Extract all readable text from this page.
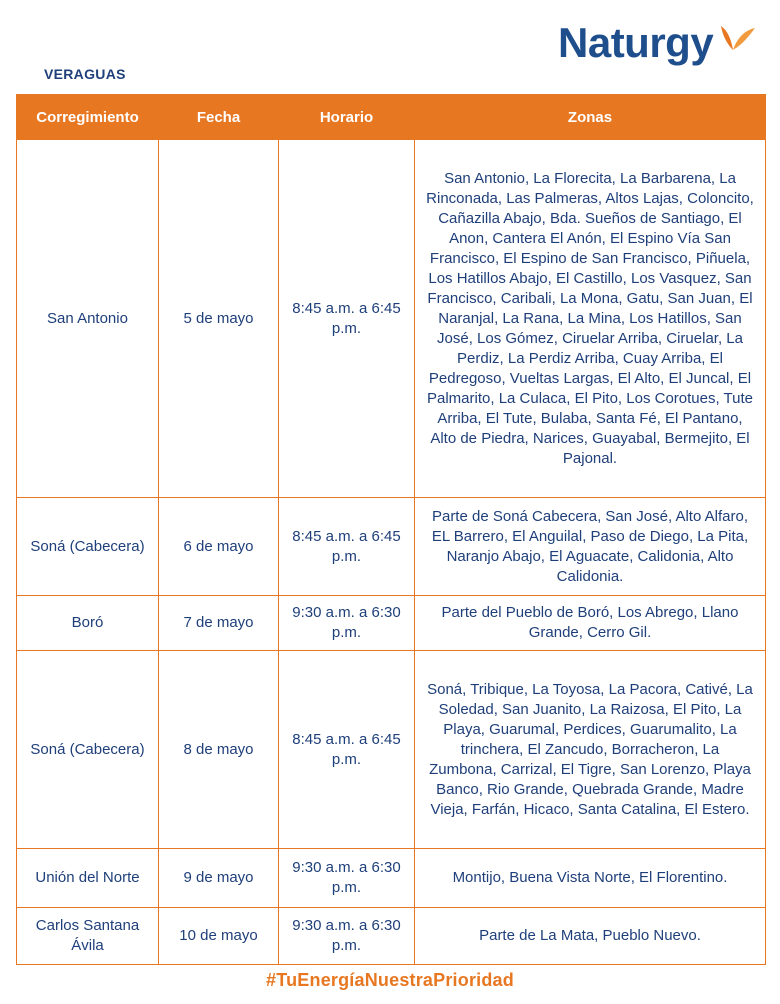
VERAGUAS
Naturgy
Corregimiento	Fecha	Horario	Zonas
San Antonio	5 de mayo	8:45 a.m. a 6:45 p.m.	San Antonio, La Florecita, La Barbarena, La Rinconada, Las Palmeras, Altos Lajas, Coloncito, Cañazilla Abajo, Bda. Sueños de Santiago, El Anon, Cantera El Anón, El Espino Vía San Francisco, El Espino de San Francisco, Piñuela, Los Hatillos Abajo, El Castillo, Los Vasquez, San Francisco, Caribali, La Mona, Gatu, San Juan, El Naranjal, La Rana, La Mina, Los Hatillos, San José, Los Gómez, Ciruelar Arriba, Ciruelar, La Perdiz, La Perdiz Arriba, Cuay Arriba, El Pedregoso, Vueltas Largas, El Alto, El Juncal, El Palmarito, La Culaca, El Pito, Los Corotues, Tute Arriba, El Tute, Bulaba, Santa Fé, El Pantano, Alto de Piedra, Narices, Guayabal, Bermejito, El Pajonal.
Soná (Cabecera)	6 de mayo	8:45 a.m. a 6:45 p.m.	Parte de Soná Cabecera, San José, Alto Alfaro, EL Barrero, El Anguilal, Paso de Diego, La Pita, Naranjo Abajo, El Aguacate, Calidonia, Alto Calidonia.
Boró	7 de mayo	9:30 a.m. a 6:30 p.m.	Parte del Pueblo de Boró, Los Abrego, Llano Grande, Cerro Gil.
Soná (Cabecera)	8 de mayo	8:45 a.m. a 6:45 p.m.	Soná, Tribique, La Toyosa, La Pacora, Cativé, La Soledad, San Juanito, La Raizosa, El Pito, La Playa, Guarumal, Perdices, Guarumalito, La trinchera, El Zancudo, Borracheron, La Zumbona, Carrizal, El Tigre, San Lorenzo, Playa Banco, Rio Grande, Quebrada Grande, Madre Vieja, Farfán, Hicaco, Santa Catalina, El Estero.
Unión del Norte	9 de mayo	9:30 a.m. a 6:30 p.m.	Montijo, Buena Vista Norte, El Florentino.
Carlos Santana Ávila	10 de mayo	9:30 a.m. a 6:30 p.m.	Parte de La Mata, Pueblo Nuevo.
#TuEnergíaNuestraPrioridad
